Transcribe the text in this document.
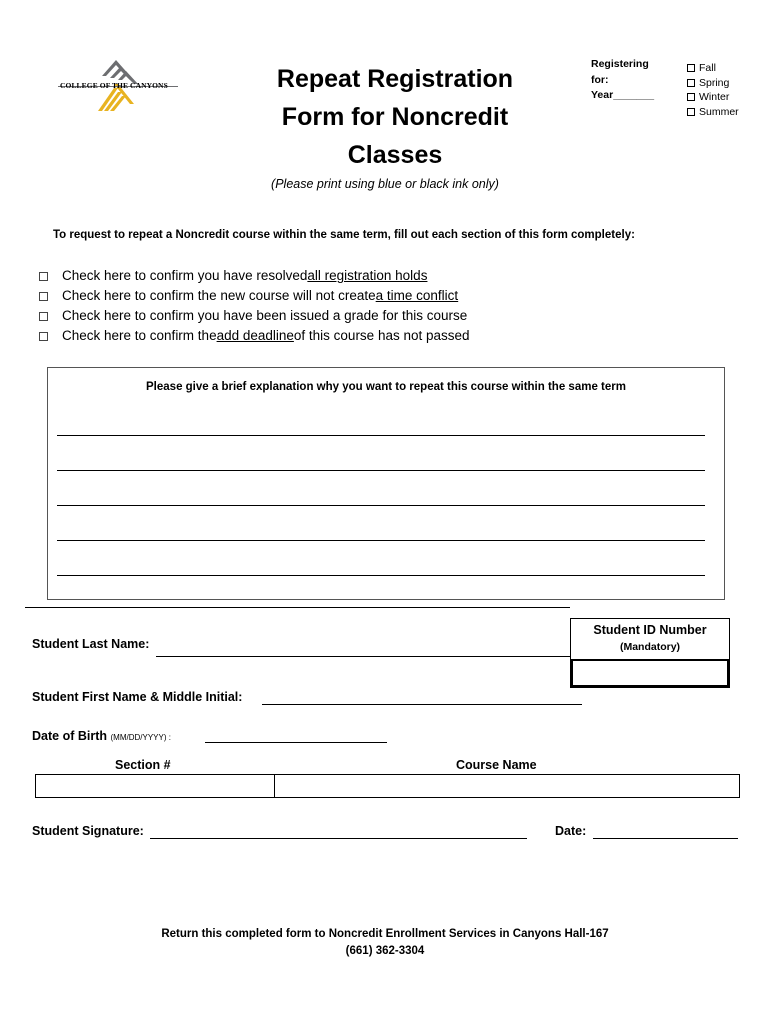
COLLEGE OF THE CANYONS	Repeat Registration
Form for Noncredit
Classes
Registering
for:
Year_______
Fall
Spring
Winter
Summer
(Please print using blue or black ink only)
To request to repeat a Noncredit course within the same term, fill out each section of this form completely:
Check here to confirm you have resolved all registration holds
Check here to confirm the new course will not create a time conflict
Check here to confirm you have been issued a grade for this course
Check here to confirm the add deadline of this course has not passed
Please give a brief explanation why you want to repeat this course within the same term
Student ID Number
(Mandatory)
Student Last Name:
Student First Name & Middle Initial:
Date of Birth (MM/DD/YYYY) :
Section #	Course Name
Student Signature:	Date:
Return this completed form to Noncredit Enrollment Services in Canyons Hall-167
(661) 362-3304
